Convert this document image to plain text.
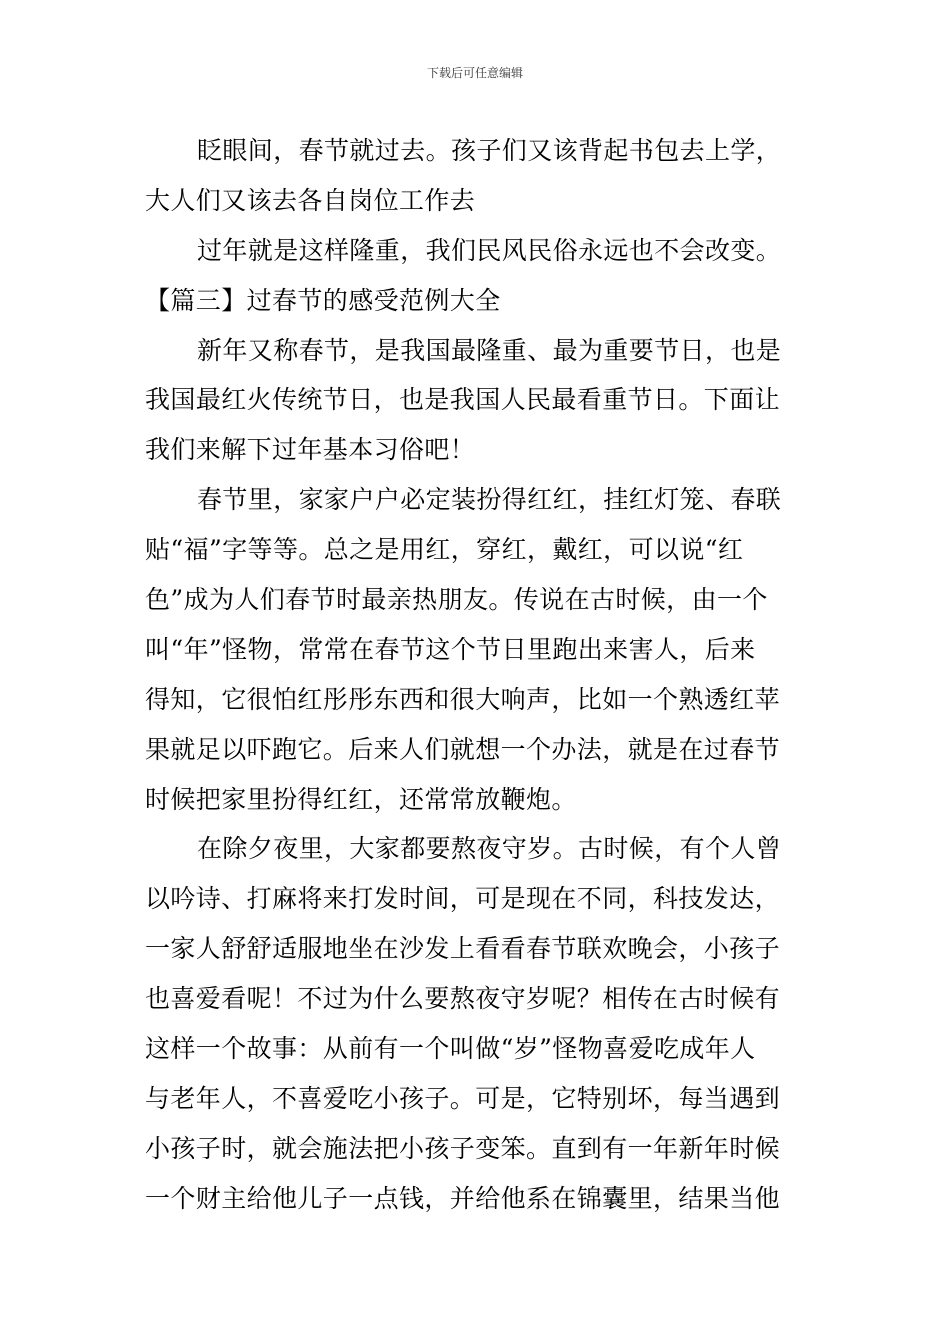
下载后可任意编辑
眨眼间，春节就过去。孩子们又该背起书包去上学，
大人们又该去各自岗位工作去
过年就是这样隆重，我们民风民俗永远也不会改变。
【篇三】过春节的感受范例大全
新年又称春节，是我国最隆重、最为重要节日，也是
我国最红火传统节日，也是我国人民最看重节日。下面让
我们来解下过年基本习俗吧！
春节里，家家户户必定装扮得红红，挂红灯笼、春联
贴“福”字等等。总之是用红，穿红，戴红，可以说“红
色”成为人们春节时最亲热朋友。传说在古时候，由一个
叫“年”怪物，常常在春节这个节日里跑出来害人，后来
得知，它很怕红彤彤东西和很大响声，比如一个熟透红苹
果就足以吓跑它。后来人们就想一个办法，就是在过春节
时候把家里扮得红红，还常常放鞭炮。
在除夕夜里，大家都要熬夜守岁。古时候，有个人曾
以吟诗、打麻将来打发时间，可是现在不同，科技发达，
一家人舒舒适服地坐在沙发上看看春节联欢晚会，小孩子
也喜爱看呢！不过为什么要熬夜守岁呢？相传在古时候有
这样一个故事：从前有一个叫做“岁”怪物喜爱吃成年人
与老年人，不喜爱吃小孩子。可是，它特别坏，每当遇到
小孩子时，就会施法把小孩子变笨。直到有一年新年时候
一个财主给他儿子一点钱，并给他系在锦囊里，结果当他
